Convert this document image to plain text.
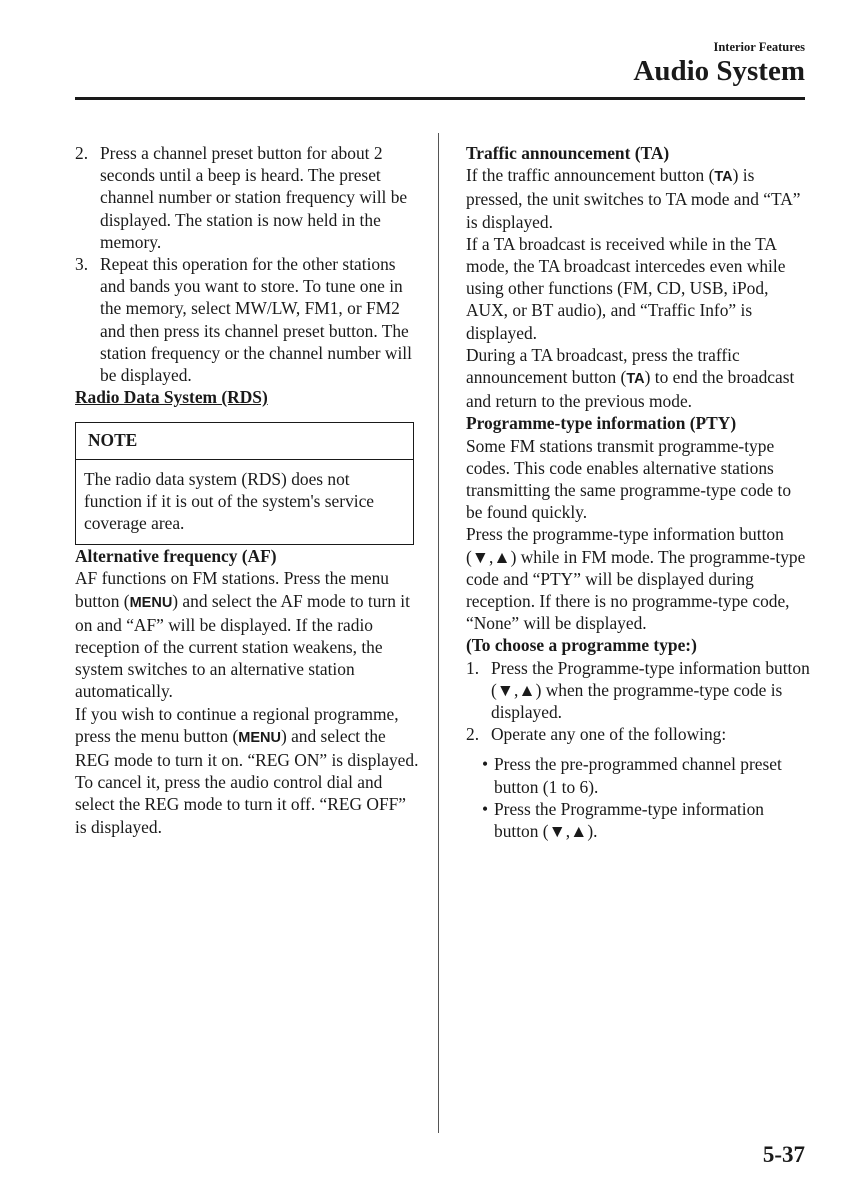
Interior Features
Audio System
2. Press a channel preset button for about 2 seconds until a beep is heard. The preset channel number or station frequency will be displayed. The station is now held in the memory.
3. Repeat this operation for the other stations and bands you want to store. To tune one in the memory, select MW/LW, FM1, or FM2 and then press its channel preset button. The station frequency or the channel number will be displayed.

Radio Data System (RDS)

NOTE
The radio data system (RDS) does not function if it is out of the system's service coverage area.

Alternative frequency (AF)

AF functions on FM stations. Press the menu button (MENU) and select the AF mode to turn it on and “AF” will be displayed. If the radio reception of the current station weakens, the system switches to an alternative station automatically.

If you wish to continue a regional programme, press the menu button (MENU) and select the REG mode to turn it on. “REG ON” is displayed. To cancel it, press the audio control dial and select the REG mode to turn it off. “REG OFF” is displayed.

Traffic announcement (TA)

If the traffic announcement button (TA) is pressed, the unit switches to TA mode and “TA” is displayed.

If a TA broadcast is received while in the TA mode, the TA broadcast intercedes even while using other functions (FM, CD, USB, iPod, AUX, or BT audio), and “Traffic Info” is displayed.

During a TA broadcast, press the traffic announcement button (TA) to end the broadcast and return to the previous mode.

Programme-type information (PTY)

Some FM stations transmit programme-type codes. This code enables alternative stations transmitting the same programme-type code to be found quickly.

Press the programme-type information button (▼,▲) while in FM mode. The programme-type code and “PTY” will be displayed during reception. If there is no programme-type code, “None” will be displayed.

(To choose a programme type:)

1. Press the Programme-type information button (▼,▲) when the programme-type code is displayed.
2. Operate any one of the following:
• Press the pre-programmed channel preset button (1 to 6).
• Press the Programme-type information button (▼,▲).
5-37
